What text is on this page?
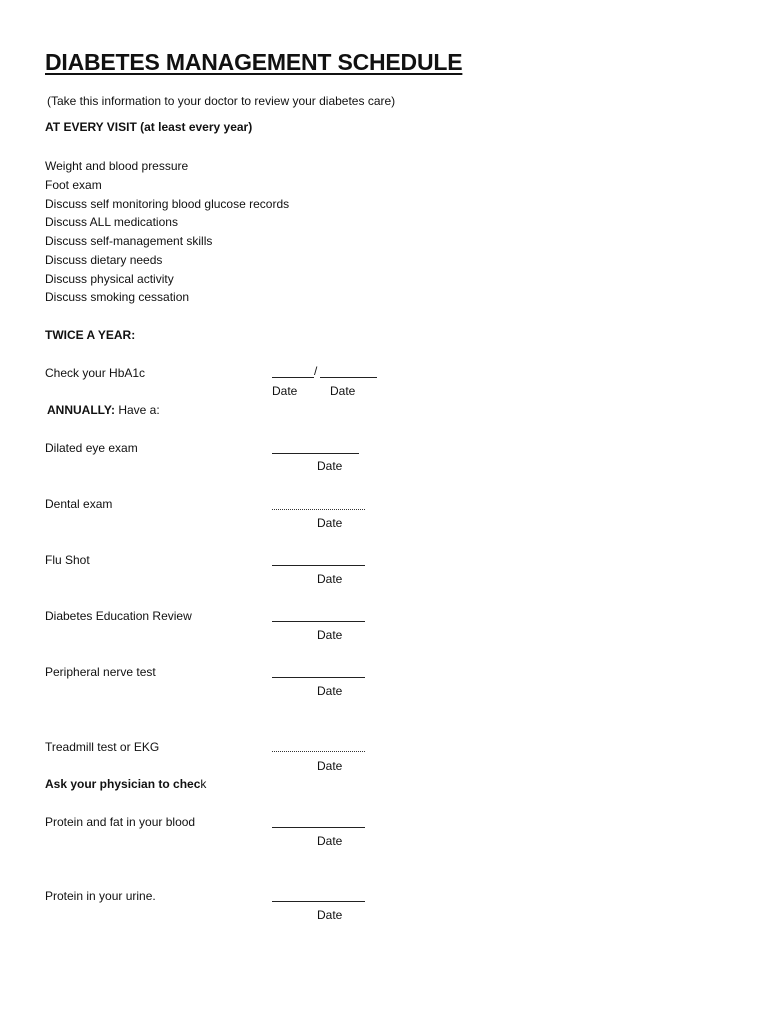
DIABETES MANAGEMENT SCHEDULE
(Take this information to your doctor to review your diabetes care)
AT EVERY VISIT (at least every year)
Weight and blood pressure
Foot exam
Discuss self monitoring blood glucose records
Discuss ALL medications
Discuss self-management skills
Discuss dietary needs
Discuss physical activity
Discuss smoking cessation
TWICE A YEAR:
Check your HbA1c	/
Date	Date
ANNUALLY: Have a:
Dilated eye exam
Date
Dental exam
Date
Flu Shot
Date
Diabetes Education Review
Date
Peripheral nerve test
Date
Treadmill test or EKG
Date
Ask your physician to check
Protein and fat in your blood
Date
Protein in your urine.
Date
